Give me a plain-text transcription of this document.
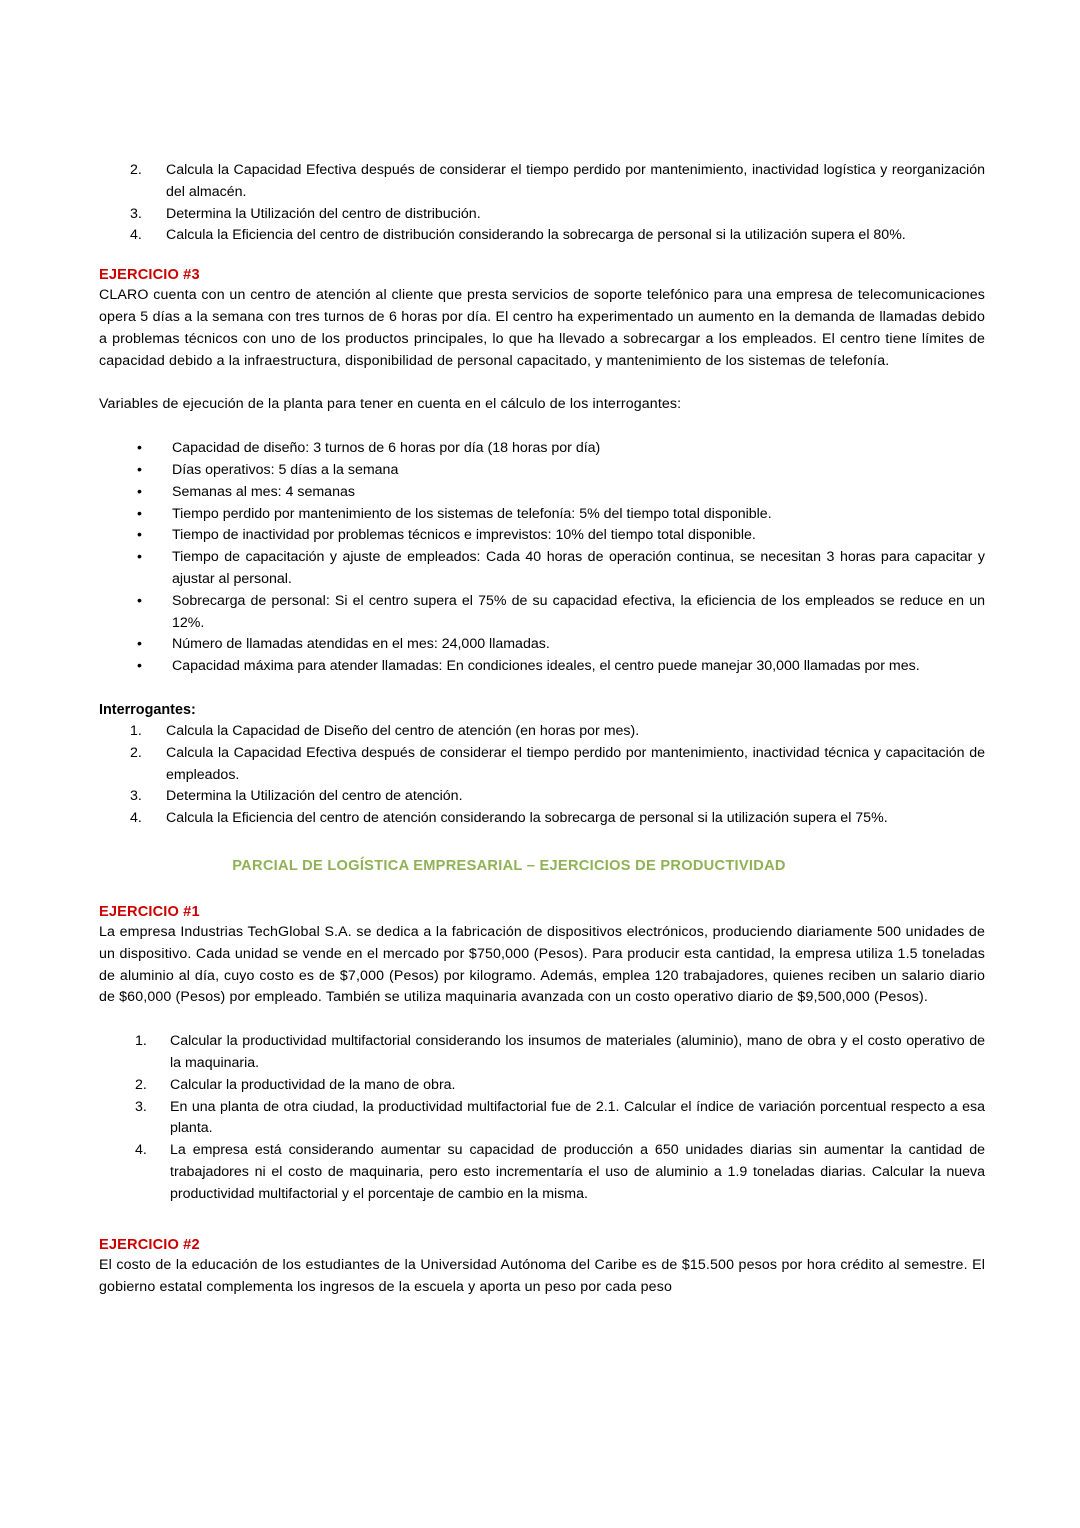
2.	Calcula la Capacidad Efectiva después de considerar el tiempo perdido por mantenimiento, inactividad logística y reorganización del almacén.
3.	Determina la Utilización del centro de distribución.
4.	Calcula la Eficiencia del centro de distribución considerando la sobrecarga de personal si la utilización supera el 80%.

EJERCICIO #3

CLARO cuenta con un centro de atención al cliente que presta servicios de soporte telefónico para una empresa de telecomunicaciones opera 5 días a la semana con tres turnos de 6 horas por día. El centro ha experimentado un aumento en la demanda de llamadas debido a problemas técnicos con uno de los productos principales, lo que ha llevado a sobrecargar a los empleados. El centro tiene límites de capacidad debido a la infraestructura, disponibilidad de personal capacitado, y mantenimiento de los sistemas de telefonía.

Variables de ejecución de la planta para tener en cuenta en el cálculo de los interrogantes:

• Capacidad de diseño: 3 turnos de 6 horas por día (18 horas por día)
• Días operativos: 5 días a la semana
• Semanas al mes: 4 semanas
• Tiempo perdido por mantenimiento de los sistemas de telefonía: 5% del tiempo total disponible.
• Tiempo de inactividad por problemas técnicos e imprevistos: 10% del tiempo total disponible.
• Tiempo de capacitación y ajuste de empleados: Cada 40 horas de operación continua, se necesitan 3 horas para capacitar y ajustar al personal.
• Sobrecarga de personal: Si el centro supera el 75% de su capacidad efectiva, la eficiencia de los empleados se reduce en un 12%.
• Número de llamadas atendidas en el mes: 24,000 llamadas.
• Capacidad máxima para atender llamadas: En condiciones ideales, el centro puede manejar 30,000 llamadas por mes.

Interrogantes:

1.	Calcula la Capacidad de Diseño del centro de atención (en horas por mes).
2.	Calcula la Capacidad Efectiva después de considerar el tiempo perdido por mantenimiento, inactividad técnica y capacitación de empleados.
3.	Determina la Utilización del centro de atención.
4.	Calcula la Eficiencia del centro de atención considerando la sobrecarga de personal si la utilización supera el 75%.

PARCIAL DE LOGÍSTICA EMPRESARIAL – EJERCICIOS DE PRODUCTIVIDAD

EJERCICIO #1

La empresa Industrias TechGlobal S.A. se dedica a la fabricación de dispositivos electrónicos, produciendo diariamente 500 unidades de un dispositivo. Cada unidad se vende en el mercado por $750,000 (Pesos). Para producir esta cantidad, la empresa utiliza 1.5 toneladas de aluminio al día, cuyo costo es de $7,000 (Pesos) por kilogramo. Además, emplea 120 trabajadores, quienes reciben un salario diario de $60,000 (Pesos) por empleado. También se utiliza maquinaria avanzada con un costo operativo diario de $9,500,000 (Pesos).

1.	Calcular la productividad multifactorial considerando los insumos de materiales (aluminio), mano de obra y el costo operativo de la maquinaria.
2.	Calcular la productividad de la mano de obra.
3.	En una planta de otra ciudad, la productividad multifactorial fue de 2.1. Calcular el índice de variación porcentual respecto a esa planta.
4.	La empresa está considerando aumentar su capacidad de producción a 650 unidades diarias sin aumentar la cantidad de trabajadores ni el costo de maquinaria, pero esto incrementaría el uso de aluminio a 1.9 toneladas diarias. Calcular la nueva productividad multifactorial y el porcentaje de cambio en la misma.

EJERCICIO #2

El costo de la educación de los estudiantes de la Universidad Autónoma del Caribe es de $15.500 pesos por hora crédito al semestre. El gobierno estatal complementa los ingresos de la escuela y aporta un peso por cada peso
